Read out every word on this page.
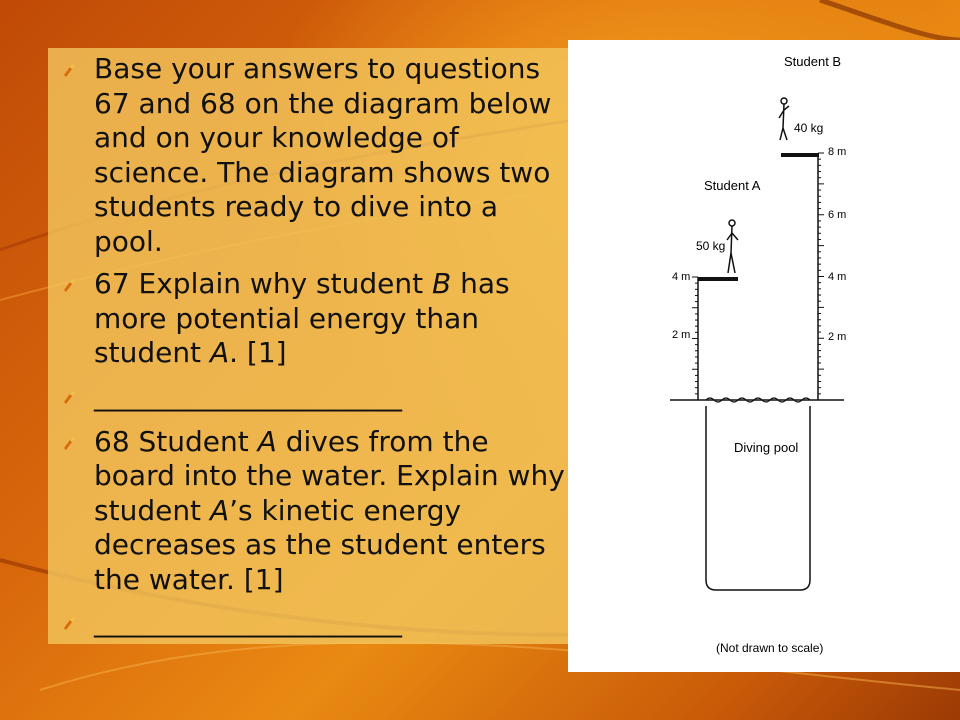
Base your answers to questions 67 and 68 on the diagram below and on your knowledge of science. The diagram shows two students ready to dive into a pool.
67 Explain why student B has more potential energy than student A. [1]
______________________
68 Student A dives from the board into the water. Explain why student A’s kinetic energy decreases as the student enters the water. [1]
______________________
Student B
40 kg
8 m
6 m
4 m
2 m
Student A
50 kg
4 m
2 m
Diving pool
(Not drawn to scale)
